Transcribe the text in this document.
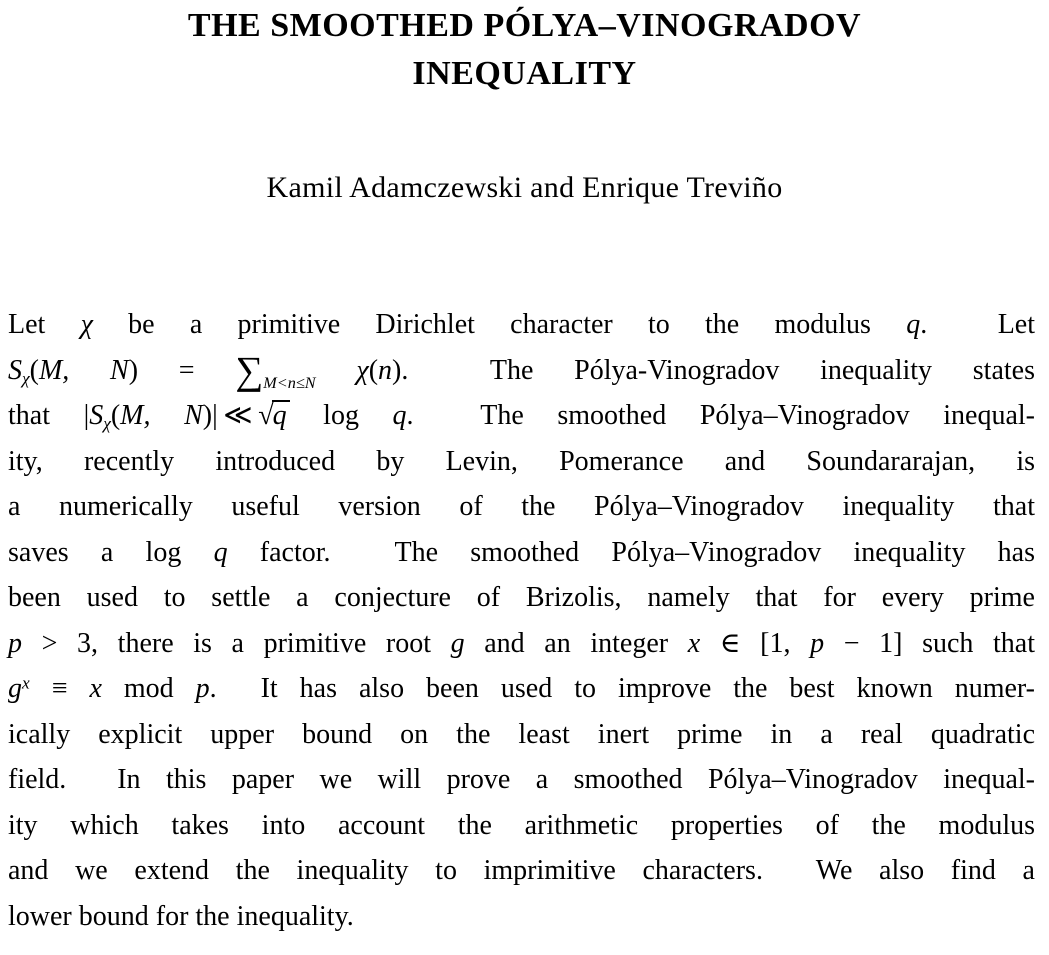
THE SMOOTHED PÓLYA–VINOGRADOV
INEQUALITY
Kamil Adamczewski and Enrique Treviño
Let χ be a primitive Dirichlet character to the modulus q.  Let
Sχ(M, $N) = \sum_{M<n\le N}$ χ(n).  The Pólya-Vinogradov inequality states
that |Sχ(M, N)| ≪ √q log q.  The smoothed Pólya–Vinogradov inequal-
ity, recently introduced by Levin, Pomerance and Soundararajan, is
a numerically useful version of the Pólya–Vinogradov inequality that
saves a log q factor.  The smoothed Pólya–Vinogradov inequality has
been used to settle a conjecture of Brizolis, namely that for every prime
p > 3, there is a primitive root g and an integer x ∈ [1, p − 1] such that
$g^x \equiv x$ mod p.  It has also been used to improve the best known numer-
ically explicit upper bound on the least inert prime in a real quadratic
field.  In this paper we will prove a smoothed Pólya–Vinogradov inequal-
ity which takes into account the arithmetic properties of the modulus
and we extend the inequality to imprimitive characters.  We also find a
lower bound for the inequality.
